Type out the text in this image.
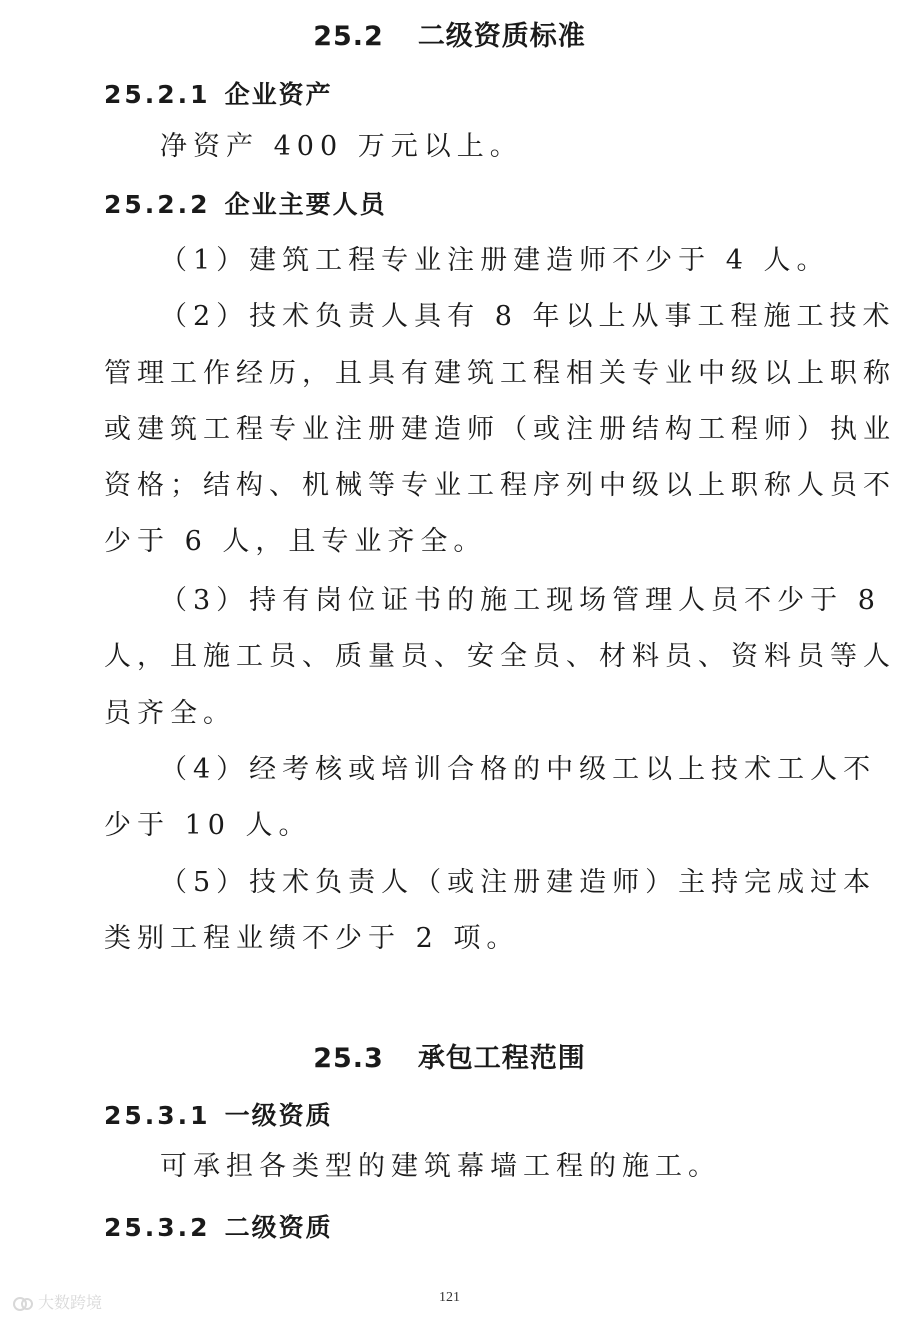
25.2 二级资质标准
25.2.1 企业资产
净资产 400 万元以上。
25.2.2 企业主要人员
（1）建筑工程专业注册建造师不少于 4 人。
（2）技术负责人具有 8 年以上从事工程施工技术
管理工作经历，且具有建筑工程相关专业中级以上职称
或建筑工程专业注册建造师（或注册结构工程师）执业
资格；结构、机械等专业工程序列中级以上职称人员不
少于 6 人，且专业齐全。
（3）持有岗位证书的施工现场管理人员不少于 8
人，且施工员、质量员、安全员、材料员、资料员等人
员齐全。
（4）经考核或培训合格的中级工以上技术工人不
少于 10 人。
（5）技术负责人（或注册建造师）主持完成过本
类别工程业绩不少于 2 项。
25.3 承包工程范围
25.3.1 一级资质
可承担各类型的建筑幕墙工程的施工。
25.3.2 二级资质
121
大数跨境
